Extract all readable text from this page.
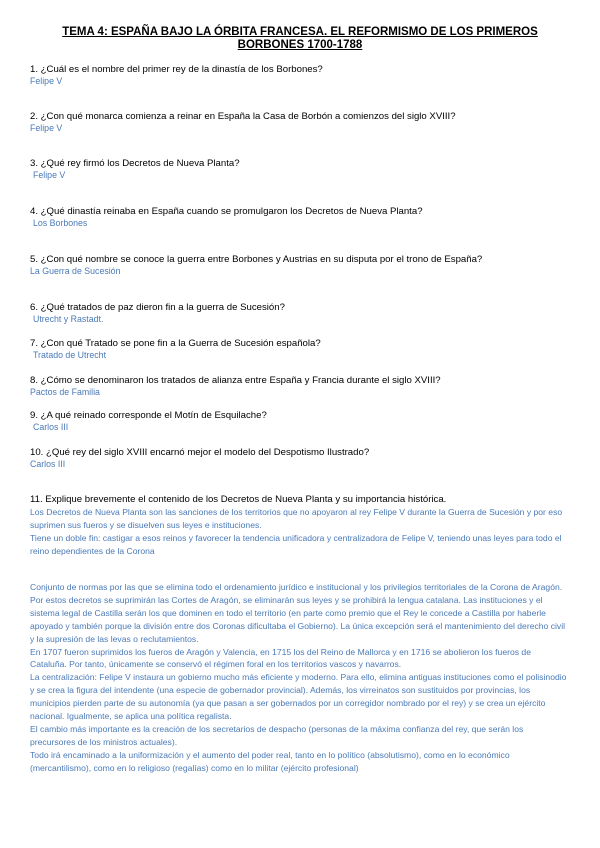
TEMA 4: ESPAÑA BAJO LA ÓRBITA FRANCESA. EL REFORMISMO DE LOS PRIMEROS
BORBONES 1700-1788
1. ¿Cuál es el nombre del primer rey de la dinastía de los Borbones?
Felipe V
2. ¿Con qué monarca comienza a reinar en España la Casa de Borbón a comienzos del siglo XVIII?
Felipe V
3. ¿Qué rey firmó los Decretos de Nueva Planta?
Felipe V
4. ¿Qué dinastía reinaba en España cuando se promulgaron los Decretos de Nueva Planta?
Los Borbones
5. ¿Con qué nombre se conoce la guerra entre Borbones y Austrias en su disputa por el trono de España?
La Guerra de Sucesión
6. ¿Qué tratados de paz dieron fin a la guerra de Sucesión?
Utrecht y Rastadt.
7. ¿Con qué Tratado se pone fin a la Guerra de Sucesión española?
Tratado de Utrecht
8. ¿Cómo se denominaron los tratados de alianza entre España y Francia durante el siglo XVIII?
Pactos de Familia
9. ¿A qué reinado corresponde el Motín de Esquilache?
Carlos III
10. ¿Qué rey del siglo XVIII encarnó mejor el modelo del Despotismo Ilustrado?
Carlos III
11. Explique brevemente el contenido de los Decretos de Nueva Planta y su importancia histórica.

Los Decretos de Nueva Planta son las sanciones de los territorios que no apoyaron al rey Felipe V durante la Guerra de Sucesión y por eso suprimen sus fueros y se disuelven sus leyes e instituciones.

Tiene un doble fin: castigar a esos reinos y favorecer la tendencia unificadora y centralizadora de Felipe V, teniendo unas leyes para todo el reino dependientes de la Corona

Conjunto de normas por las que se elimina todo el ordenamiento jurídico e institucional y los privilegios territoriales de la Corona de Aragón.

Por estos decretos se suprimirán las Cortes de Aragón, se eliminarán sus leyes y se prohibirá la lengua catalana. Las instituciones y el sistema legal de Castilla serán los que dominen en todo el territorio (en parte como premio que el Rey le concede a Castilla por haberle apoyado y también porque la división entre dos Coronas dificultaba el Gobierno). La única excepción será el mantenimiento del derecho civil y la supresión de las levas o reclutamientos.

En 1707 fueron suprimidos los fueros de Aragón y Valencia, en 1715 los del Reino de Mallorca y en 1716 se abolieron los fueros de Cataluña. Por tanto, únicamente se conservó el régimen foral en los territorios vascos y navarros.

La centralización: Felipe V instaura un gobierno mucho más eficiente y moderno. Para ello, elimina antiguas instituciones como el polisinodio y se crea la figura del intendente (una especie de gobernador provincial). Además, los virreinatos son sustituidos por provincias, los municipios pierden parte de su autonomía (ya que pasan a ser gobernados por un corregidor nombrado por el rey) y se crea un ejército nacional. Igualmente, se aplica una política regalista.

El cambio más importante es la creación de los secretarios de despacho (personas de la máxima confianza del rey, que serán los precursores de los ministros actuales).

Todo irá encaminado a la uniformización y el aumento del poder real, tanto en lo político (absolutismo), como en lo económico (mercantilismo), como en lo religioso (regalías) como en lo militar (ejército profesional)
